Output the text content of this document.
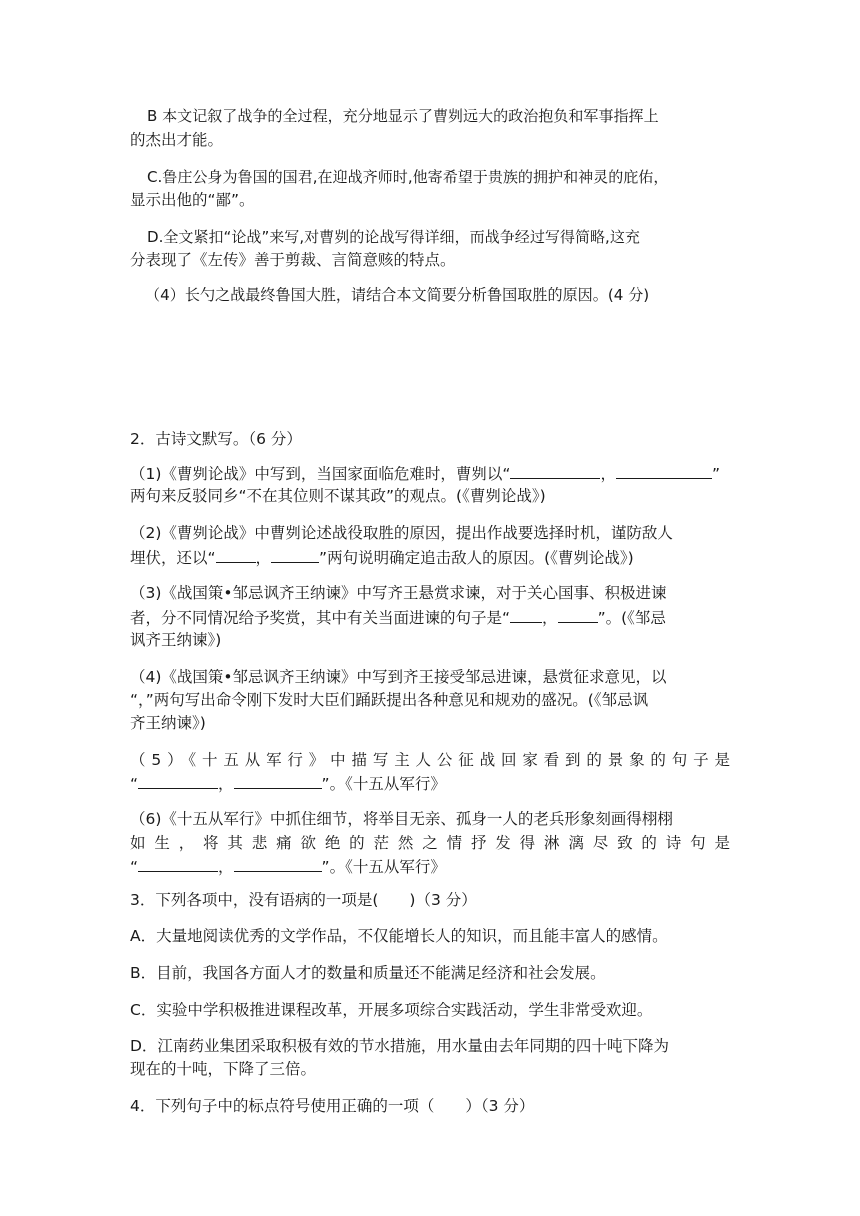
B 本文记叙了战争的全过程，充分地显示了曹刿远大的政治抱负和军事指挥上
的杰出才能。
C.鲁庄公身为鲁国的国君,在迎战齐师时,他寄希望于贵族的拥护和神灵的庇佑，
显示出他的“鄙”。
D.全文紧扣“论战”来写,对曹刿的论战写得详细，而战争经过写得简略,这充
分表现了《左传》善于剪裁、言简意赅的特点。
（4）长勺之战最终鲁国大胜，请结合本文简要分析鲁国取胜的原因。(4 分)
2．古诗文默写。（6 分）
（1)《曹刿论战》中写到，当国家面临危难时，曹刿以“	，	”
两句来反驳同乡“不在其位则不谋其政”的观点。(《曹刿论战》)
（2)《曹刿论战》中曹刿论述战役取胜的原因，提出作战要选择时机，谨防敌人
埋伏，还以“	，	”两句说明确定追击敌人的原因。(《曹刿论战》)
（3)《战国策•邹忌讽齐王纳谏》中写齐王悬赏求谏，对于关心国事、积极进谏
者，分不同情况给予奖赏，其中有关当面进谏的句子是“ ，	”。(《邹忌
讽齐王纳谏》)
（4)《战国策•邹忌讽齐王纳谏》中写到齐王接受邹忌进谏，悬赏征求意见，以
“，”两句写出命令刚下发时大臣们踊跃提出各种意见和规劝的盛况。(《邹忌讽
齐王纳谏》)
（5）《十五从军行》中描写主人公征战回家看到的景象的句子是
“	，	”。《十五从军行》
（6)《十五从军行》中抓住细节，将举目无亲、孤身一人的老兵形象刻画得栩栩
如生，将其悲痛欲绝的茫然之情抒发得淋漓尽致的诗句是
“	，	”。《十五从军行》
3．下列各项中，没有语病的一项是(　　)（3 分）
A．大量地阅读优秀的文学作品，不仅能增长人的知识，而且能丰富人的感情。
B．目前，我国各方面人才的数量和质量还不能满足经济和社会发展。
C．实验中学积极推进课程改革，开展多项综合实践活动，学生非常受欢迎。
D．江南药业集团采取积极有效的节水措施，用水量由去年同期的四十吨下降为
现在的十吨，下降了三倍。
4．下列句子中的标点符号使用正确的一项（　　）（3 分）
